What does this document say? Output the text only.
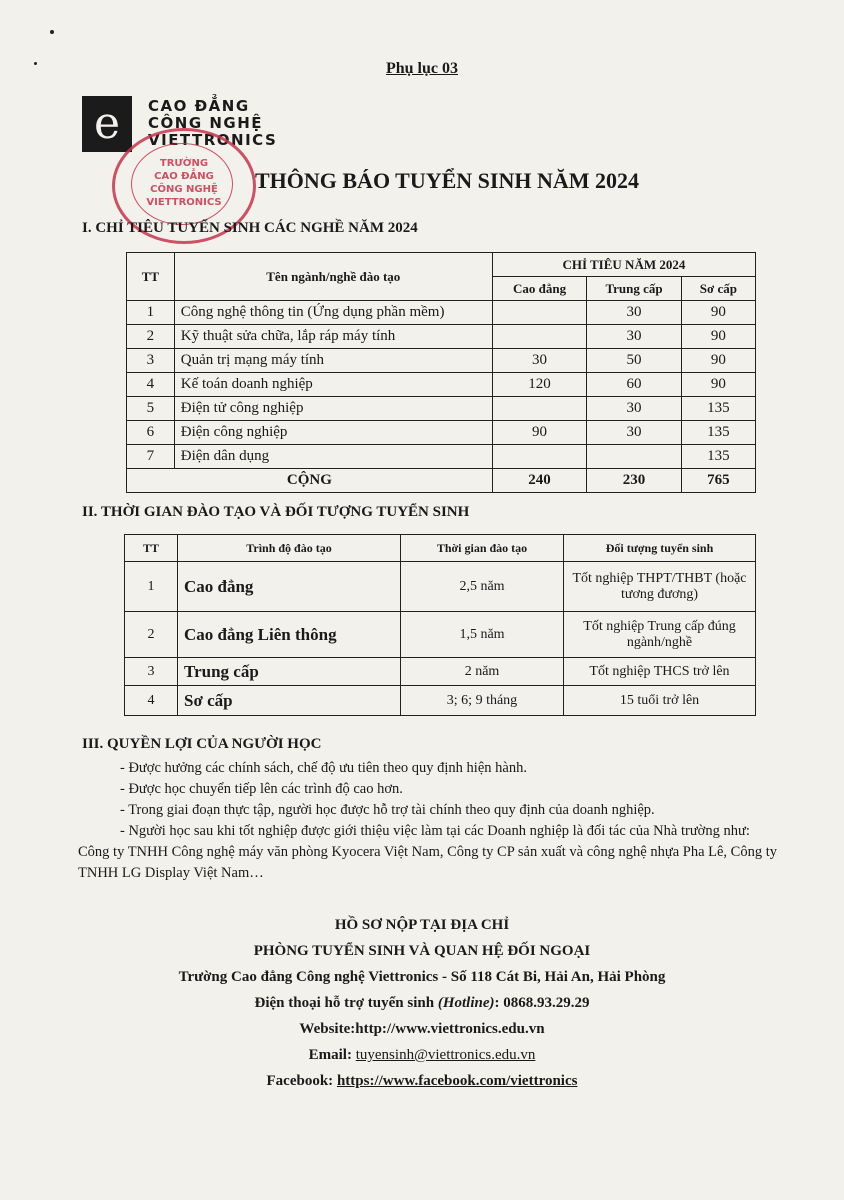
Phụ lục 03
e	CAO ĐẲNG
CÔNG NGHỆ
VIETTRONICS
TRƯỜNG
CAO ĐẲNG
CÔNG NGHỆ
VIETTRONICS
THÔNG BÁO TUYỂN SINH NĂM 2024
I. CHỈ TIÊU TUYỂN SINH CÁC NGHỀ NĂM 2024
TT	Tên ngành/nghề đào tạo	CHỈ TIÊU NĂM 2024		
		Cao đẳng	Trung cấp	Sơ cấp
1	Công nghệ thông tin (Ứng dụng phần mềm)		30	90
2	Kỹ thuật sửa chữa, lắp ráp máy tính		30	90
3	Quản trị mạng máy tính	30	50	90
4	Kế toán doanh nghiệp	120	60	90
5	Điện tử công nghiệp		30	135
6	Điện công nghiệp	90	30	135
7	Điện dân dụng			135
CỘNG		240	230	765
II. THỜI GIAN ĐÀO TẠO VÀ ĐỐI TƯỢNG TUYỂN SINH
TT	Trình độ đào tạo	Thời gian đào tạo	Đối tượng tuyển sinh
1	Cao đẳng	2,5 năm	Tốt nghiệp THPT/THBT (hoặc tương đương)
2	Cao đẳng Liên thông	1,5 năm	Tốt nghiệp Trung cấp đúng ngành/nghề
3	Trung cấp	2 năm	Tốt nghiệp THCS trở lên
4	Sơ cấp	3; 6; 9 tháng	15 tuổi trở lên
III. QUYỀN LỢI CỦA NGƯỜI HỌC

- Được hưởng các chính sách, chế độ ưu tiên theo quy định hiện hành.

- Được học chuyển tiếp lên các trình độ cao hơn.

- Trong giai đoạn thực tập, người học được hỗ trợ tài chính theo quy định của doanh nghiệp.

- Người học sau khi tốt nghiệp được giới thiệu việc làm tại các Doanh nghiệp là đối tác của Nhà trường như: Công ty TNHH Công nghệ máy văn phòng Kyocera Việt Nam, Công ty CP sản xuất và công nghệ nhựa Pha Lê, Công ty TNHH LG Display Việt Nam…

HỒ SƠ NỘP TẠI ĐỊA CHỈ
PHÒNG TUYỂN SINH VÀ QUAN HỆ ĐỐI NGOẠI
Trường Cao đẳng Công nghệ Viettronics - Số 118 Cát Bi, Hải An, Hải Phòng
Điện thoại hỗ trợ tuyển sinh (Hotline): 0868.93.29.29
Website:http://www.viettronics.edu.vn
Email: tuyensinh@viettronics.edu.vn
Facebook: https://www.facebook.com/viettronics
